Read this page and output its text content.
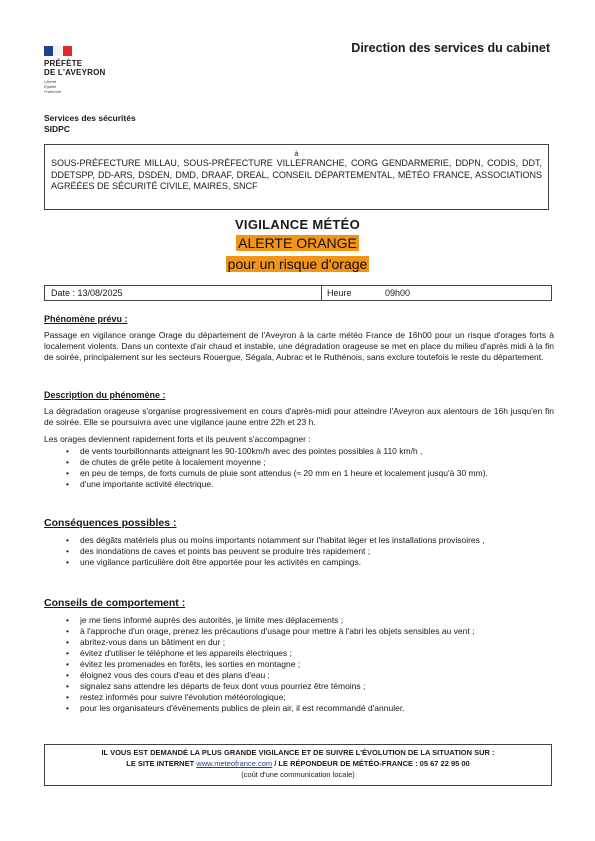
PRÉFÈTE
DE L'AVEYRON
Liberté
Égalité
Fraternité
Direction des services du cabinet
Services des sécurités
SIDPC
à
SOUS-PRÉFECTURE MILLAU, SOUS-PRÉFECTURE VILLEFRANCHE, CORG GENDARMERIE, DDPN, CODIS, DDT, DDETSPP, DD-ARS, DSDEN, DMD, DRAAF, DREAL, CONSEIL DÉPARTEMENTAL, MÉTÉO FRANCE, ASSOCIATIONS AGRÉÉES DE SÉCURITÉ CIVILE, MAIRES, SNCF
VIGILANCE MÉTÉO
ALERTE ORANGE
pour un risque d'orage
Date : 13/08/2025	Heure	09h00
Phénomène prévu :
Passage en vigilance orange Orage du département de l'Aveyron à la carte météo France de 16h00 pour un risque d'orages forts à localement violents. Dans un contexte d'air chaud et instable, une dégradation orageuse se met en place du milieu d'après midi à la fin de soirée, principalement sur les secteurs Rouergue, Ségala, Aubrac et le Ruthénois, sans exclure toutefois le reste du département.
Description du phénomène :
La dégradation orageuse s'organise progressivement en cours d'après-midi pour atteindre l'Aveyron aux alentours de 16h jusqu'en fin de soirée. Elle se poursuivra avec une vigilance jaune entre 22h et 23 h.
Les orages deviennent rapidement forts et ils peuvent s'accompagner :
• de vents tourbillonnants atteignant les 90-100km/h avec des pointes possibles à 110 km/h ,
• de chutes de grêle petite à localement moyenne ;
• en peu de temps, de forts cumuls de pluie sont attendus (≈ 20 mm en 1 heure et localement jusqu'à 30 mm).
• d'une importante activité électrique.
Conséquences possibles :
• des dégâts matériels plus ou moins importants notamment sur l'habitat léger et les installations provisoires ,
• des inondations de caves et points bas peuvent se produire très rapidement ;
• une vigilance particulière doit être apportée pour les activités en campings.
Conseils de comportement :
• je me tiens informé auprès des autorités, je limite mes déplacements ;
• à l'approche d'un orage, prenez les précautions d'usage pour mettre à l'abri les objets sensibles au vent ;
• abritez-vous dans un bâtiment en dur ;
• évitez d'utiliser le téléphone et les appareils électriques ;
• évitez les promenades en forêts, les sorties en montagne ;
• éloignez vous des cours d'eau et des plans d'eau ;
• signalez sans attendre les départs de feux dont vous pourriez être témoins ;
• restez informés pour suivre l'évolution météorologique;
• pour les organisateurs d'évènements publics de plein air, il est recommandé d'annuler.
IL VOUS EST DEMANDÉ LA PLUS GRANDE VIGILANCE ET DE SUIVRE L'ÉVOLUTION DE LA SITUATION SUR :
LE SITE INTERNET www.meteofrance.com / LE RÉPONDEUR DE MÉTÉO-FRANCE : 05 67 22 95 00
(coût d'une communication locale)
